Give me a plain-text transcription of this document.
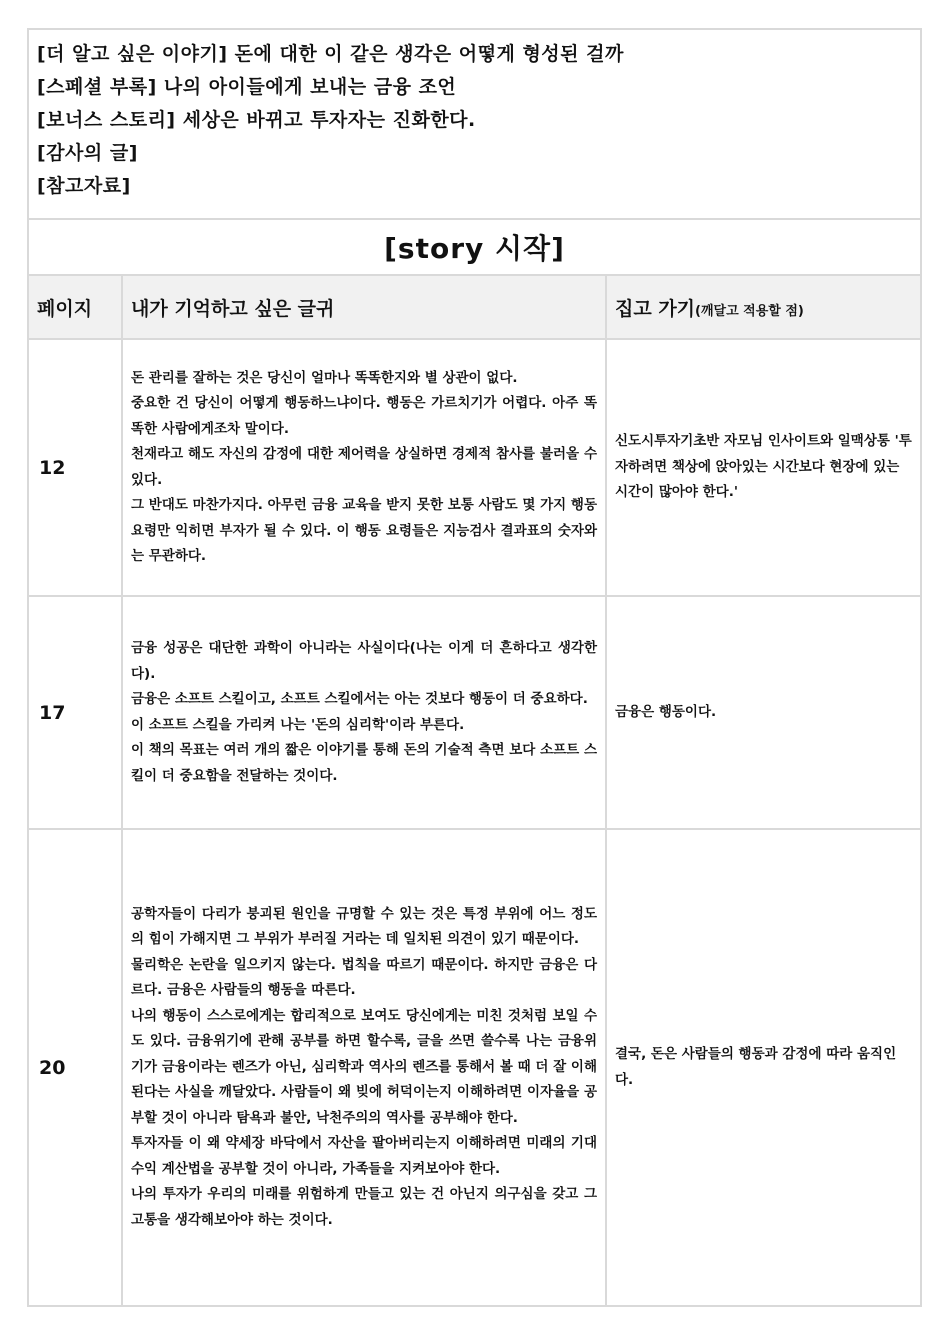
[더 알고 싶은 이야기] 돈에 대한 이 같은 생각은 어떻게 형성된 걸까
[스페셜 부록] 나의 아이들에게 보내는 금융 조언
[보너스 스토리] 세상은 바뀌고 투자자는 진화한다.
[감사의 글]
[참고자료]		

[story 시작]		
페이지	내가 기억하고 싶은 글귀	집고 가기(깨달고 적용할 점)
12	돈 관리를 잘하는 것은 당신이 얼마나 똑똑한지와 별 상관이 없다.
중요한 건 당신이 어떻게 행동하느냐이다. 행동은 가르치기가 어렵다. 아주 똑똑한 사람에게조차 말이다.
천재라고 해도 자신의 감정에 대한 제어력을 상실하면 경제적 참사를 불러올 수 있다.
그 반대도 마찬가지다. 아무런 금융 교육을 받지 못한 보통 사람도 몇 가지 행동 요령만 익히면 부자가 될 수 있다. 이 행동 요령들은 지능검사 결과표의 숫자와는 무관하다.	신도시투자기초반 자모님 인사이트와 일맥상통 '투자하려면 책상에 앉아있는 시간보다 현장에 있는 시간이 많아야 한다.'
17	금융 성공은 대단한 과학이 아니라는 사실이다(나는 이게 더 흔하다고 생각한다).
금융은 소프트 스킬이고, 소프트 스킬에서는 아는 것보다 행동이 더 중요하다.
이 소프트 스킬을 가리켜 나는 '돈의 심리학'이라 부른다.
이 책의 목표는 여러 개의 짧은 이야기를 통해 돈의 기술적 측면 보다 소프트 스킬이 더 중요함을 전달하는 것이다.	금융은 행동이다.
20	공학자들이 다리가 붕괴된 원인을 규명할 수 있는 것은 특정 부위에 어느 정도의 힘이 가해지면 그 부위가 부러질 거라는 데 일치된 의견이 있기 때문이다.
물리학은 논란을 일으키지 않는다. 법칙을 따르기 때문이다. 하지만 금융은 다르다. 금융은 사람들의 행동을 따른다.
나의 행동이 스스로에게는 합리적으로 보여도 당신에게는 미친 것처럼 보일 수도 있다. 금융위기에 관해 공부를 하면 할수록, 글을 쓰면 쓸수록 나는 금융위기가 금융이라는 렌즈가 아닌, 심리학과 역사의 렌즈를 통해서 볼 때 더 잘 이해된다는 사실을 깨달았다. 사람들이 왜 빚에 허덕이는지 이해하려면 이자율을 공부할 것이 아니라 탐욕과 불안, 낙천주의의 역사를 공부해야 한다.
투자자들 이 왜 약세장 바닥에서 자산을 팔아버리는지 이해하려면 미래의 기대수익 계산법을 공부할 것이 아니라, 가족들을 지켜보아야 한다.
나의 투자가 우리의 미래를 위험하게 만들고 있는 건 아닌지 의구심을 갖고 그 고통을 생각해보아야 하는 것이다.	결국, 돈은 사람들의 행동과 감정에 따라 움직인다.
